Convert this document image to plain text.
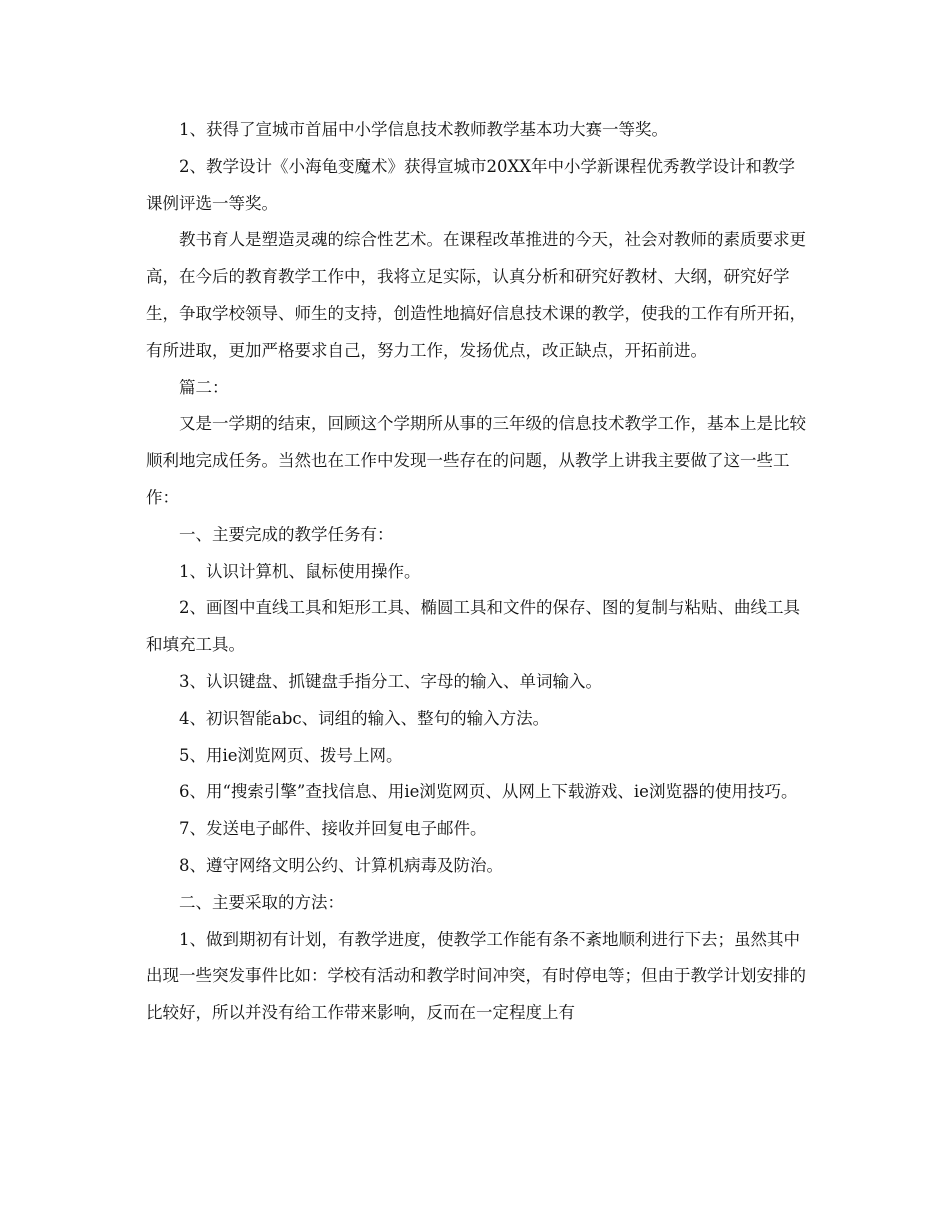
1、获得了宣城市首届中小学信息技术教师教学基本功大赛一等奖。

2、教学设计《小海龟变魔术》获得宣城市20XX年中小学新课程优秀教学设计和教学课例评选一等奖。

教书育人是塑造灵魂的综合性艺术。在课程改革推进的今天，社会对教师的素质要求更高，在今后的教育教学工作中，我将立足实际，认真分析和研究好教材、大纲，研究好学生，争取学校领导、师生的支持，创造性地搞好信息技术课的教学，使我的工作有所开拓，有所进取，更加严格要求自己，努力工作，发扬优点，改正缺点，开拓前进。

篇二：

又是一学期的结束，回顾这个学期所从事的三年级的信息技术教学工作，基本上是比较顺利地完成任务。当然也在工作中发现一些存在的问题，从教学上讲我主要做了这一些工作：

一、主要完成的教学任务有：

1、认识计算机、鼠标使用操作。

2、画图中直线工具和矩形工具、椭圆工具和文件的保存、图的复制与粘贴、曲线工具和填充工具。

3、认识键盘、抓键盘手指分工、字母的输入、单词输入。

4、初识智能abc、词组的输入、整句的输入方法。

5、用ie浏览网页、拨号上网。

6、用“搜索引擎”查找信息、用ie浏览网页、从网上下载游戏、ie浏览器的使用技巧。

7、发送电子邮件、接收并回复电子邮件。

8、遵守网络文明公约、计算机病毒及防治。

二、主要采取的方法：

1、做到期初有计划，有教学进度，使教学工作能有条不紊地顺利进行下去；虽然其中出现一些突发事件比如：学校有活动和教学时间冲突，有时停电等；但由于教学计划安排的比较好，所以并没有给工作带来影响，反而在一定程度上有
